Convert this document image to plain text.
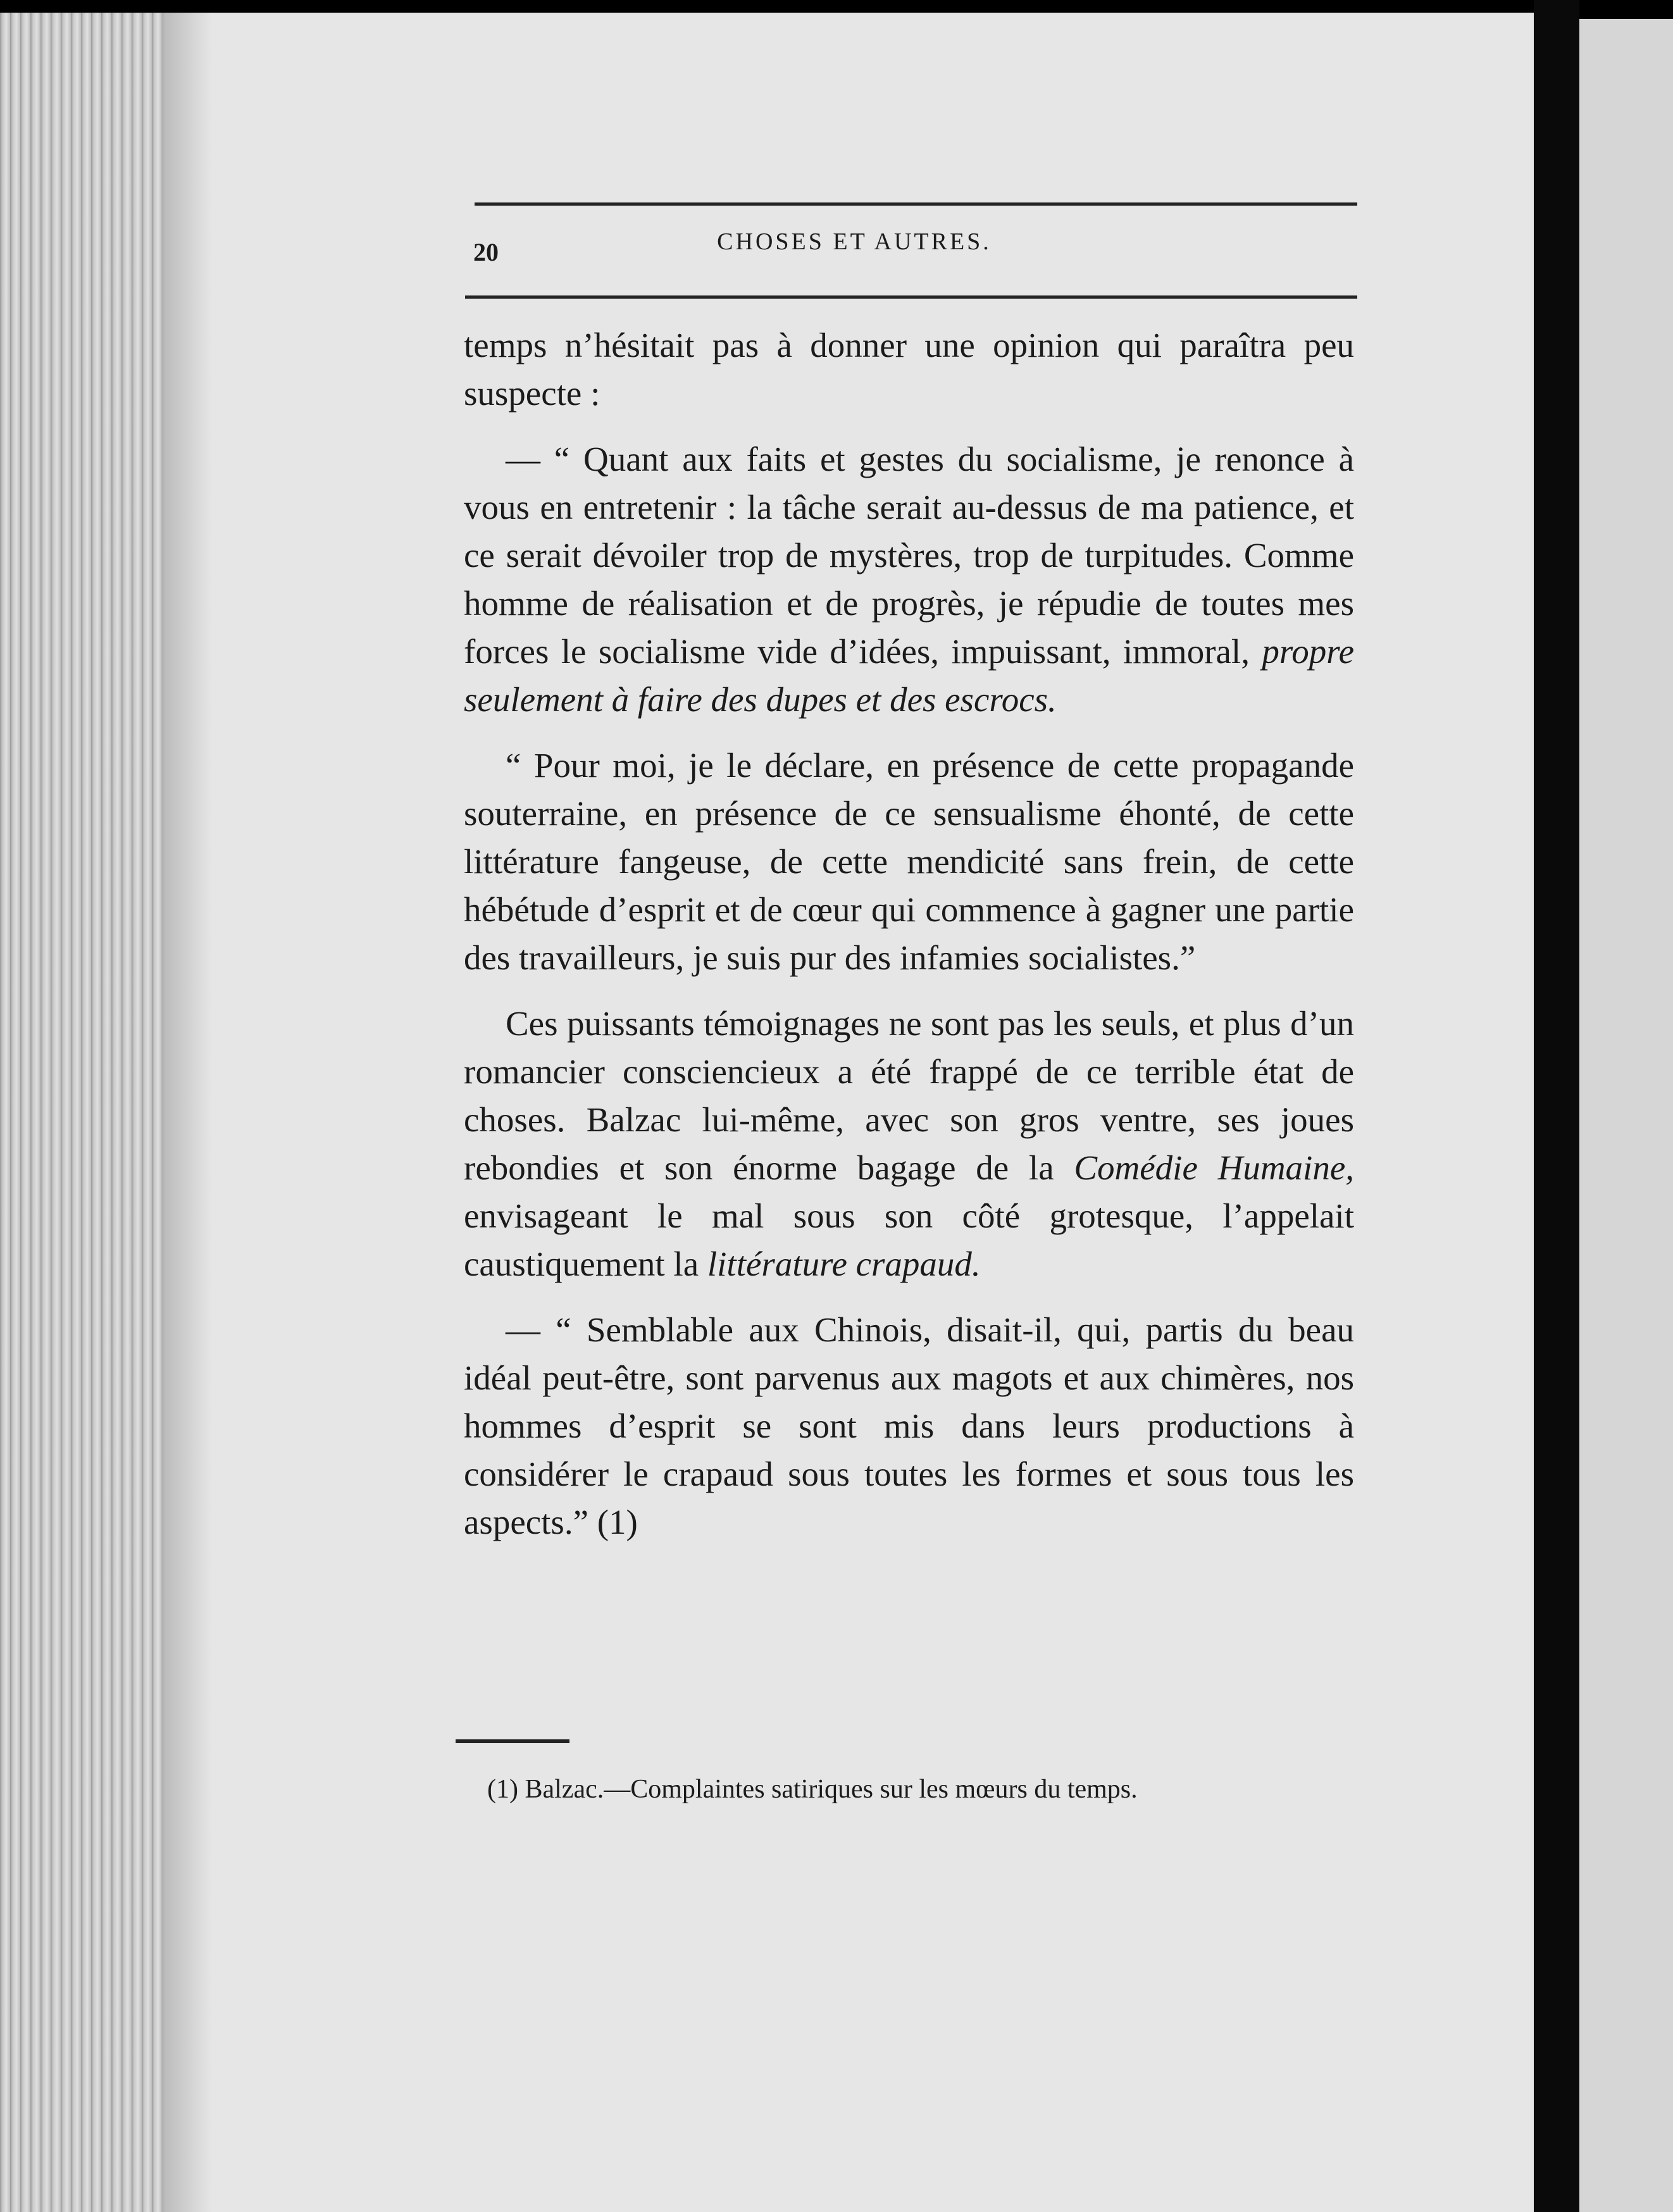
20	CHOSES ET AUTRES.

temps n’hésitait pas à donner une opinion qui paraîtra peu suspecte :

— “ Quant aux faits et gestes du socialisme, je renonce à vous en entretenir : la tâche serait au-dessus de ma patience, et ce serait dévoiler trop de mystères, trop de turpitudes. Comme homme de réalisation et de progrès, je répudie de toutes mes forces le socialisme vide d’idées, impuissant, immoral, propre seulement à faire des dupes et des escrocs.

“ Pour moi, je le déclare, en présence de cette propagande souterraine, en présence de ce sensualisme éhonté, de cette littérature fangeuse, de cette mendicité sans frein, de cette hébétude d’esprit et de cœur qui commence à gagner une partie des travailleurs, je suis pur des infamies socialistes.”

Ces puissants témoignages ne sont pas les seuls, et plus d’un romancier consciencieux a été frappé de ce terrible état de choses. Balzac lui-même, avec son gros ventre, ses joues rebondies et son énorme bagage de la Comédie Humaine, envisageant le mal sous son côté grotesque, l’appelait caustiquement la littérature crapaud.

— “ Semblable aux Chinois, disait-il, qui, partis du beau idéal peut-être, sont parvenus aux magots et aux chimères, nos hommes d’esprit se sont mis dans leurs productions à considérer le crapaud sous toutes les formes et sous tous les aspects.” (1)

(1) Balzac.—Complaintes satiriques sur les mœurs du temps.
